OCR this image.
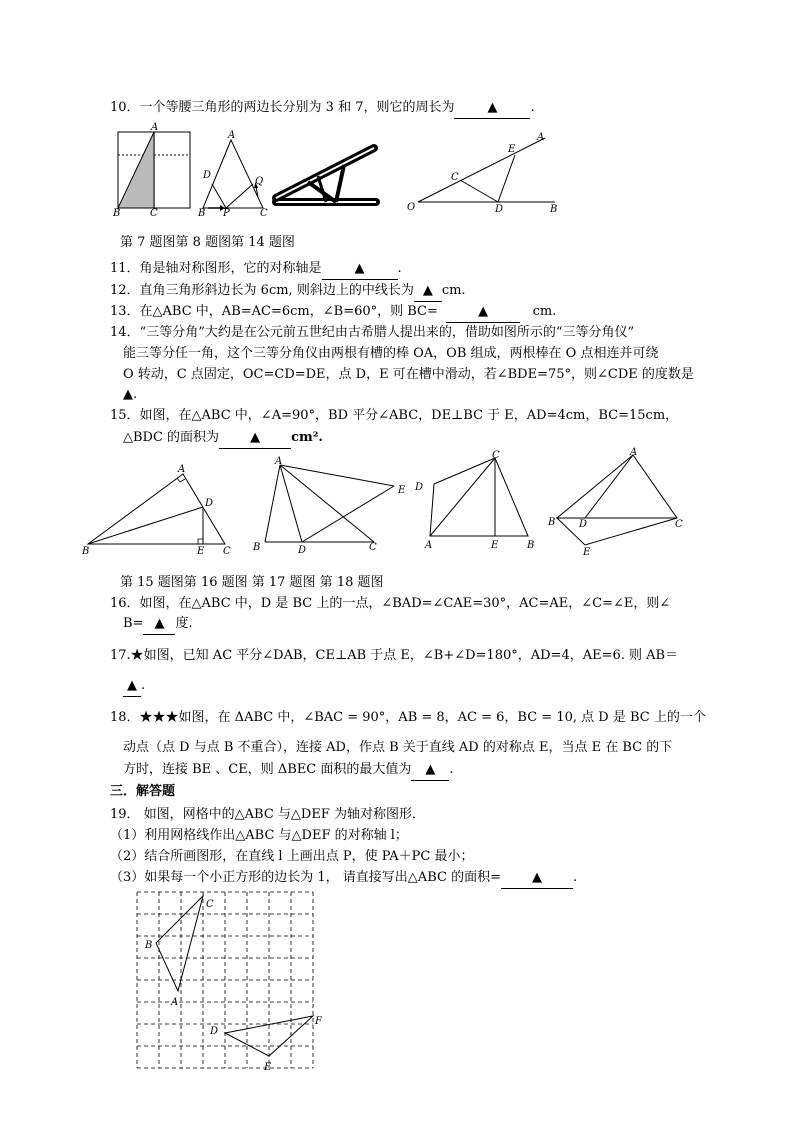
10．一个等腰三角形的两边长分别为 3 和 7，则它的周长为	▲	.
A
B	C
A
D
Q
B P	C
A
E
C
O	D	B
第 7 题图第 8 题图第 14 题图
11．角是轴对称图形，它的对称轴是	▲	.
12．直角三角形斜边长为 6cm, 则斜边上的中线长为 ▲ cm.
13．在△ABC 中，AB=AC=6cm，∠B=60°，则 BC=	▲	cm.
14．“三等分角”大约是在公元前五世纪由古希腊人提出来的，借助如图所示的“三等分角仪”
能三等分任一角，这个三等分角仪由两根有槽的棒 OA，OB 组成，两根棒在 O 点相连并可绕
O 转动，C 点固定，OC=CD=DE，点 D，E 可在槽中滑动，若∠BDE=75°，则∠CDE 的度数是
▲.
15．如图，在△ABC 中，∠A=90°，BD 平分∠ABC，DE⊥BC 于 E，AD=4cm，BC=15cm，
△BDC 的面积为 ▲ cm².
A
D
B	E C
A
E
B	D	C
C
D
A	E	B
A
B D	C
E
第 15 题图第 16 题图 第 17 题图 第 18 题图
16．如图，在△ABC 中，D 是 BC 上的一点，∠BAD=∠CAE=30°，AC=AE，∠C=∠E，则∠
B= ▲ 度.
17.★如图，已知 AC 平分∠DAB，CE⊥AB 于点 E，∠B+∠D=180°，AD=4，AE=6. 则 AB＝
▲ .
18．★★★如图，在 ΔABC 中，∠BAC = 90°，AB = 8，AC = 6，BC = 10, 点 D 是 BC 上的一个
动点（点 D 与点 B 不重合），连接 AD，作点 B 关于直线 AD 的对称点 E，当点 E 在 BC 的下
方时，连接 BE 、CE，则 ΔBEC 面积的最大值为 ▲ .
三．解答题
19． 如图，网格中的△ABC 与△DEF 为轴对称图形．
（1）利用网格线作出△ABC 与△DEF 的对称轴 l；
（2）结合所画图形，在直线 l 上画出点 P，使 PA＋PC 最小；
（3）如果每一个小正方形的边长为 1， 请直接写出△ABC 的面积= ▲ .
C
B
A
D
F
E
